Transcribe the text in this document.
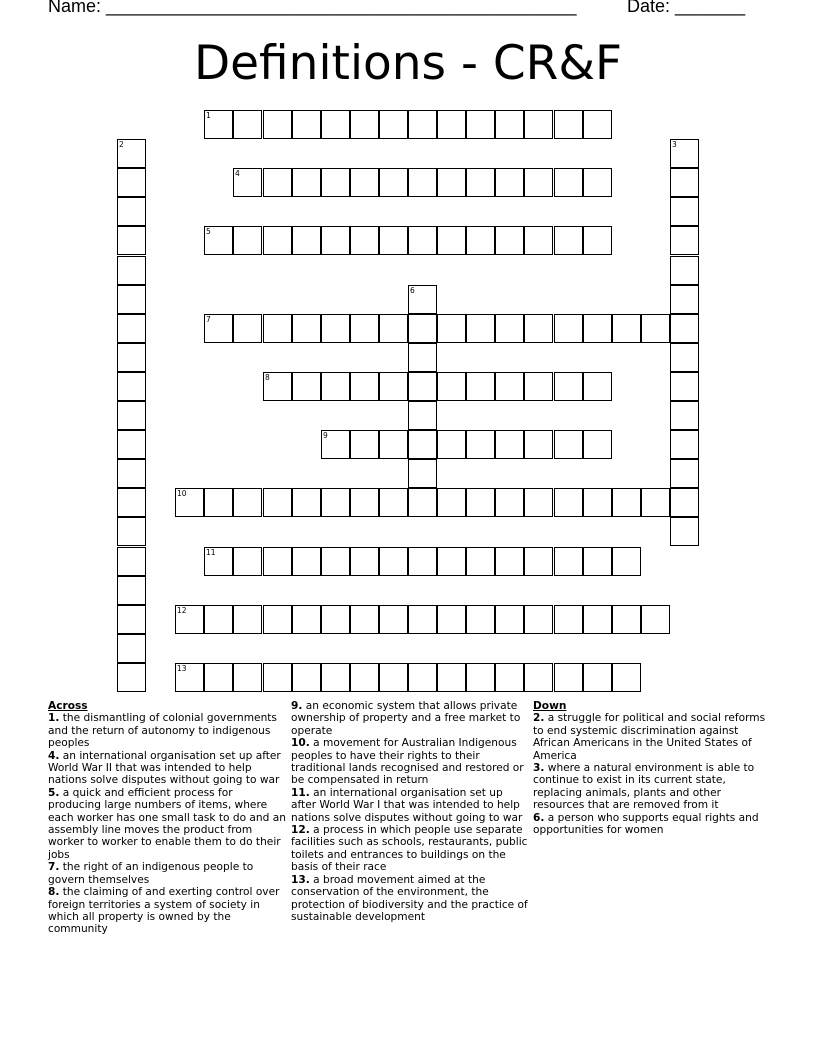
Name: _______________________________________________	Date: _______
Definitions - CR&F
1
2	3
4
5
6
7
8
9
10
11
12
13

Across

1. the dismantling of colonial governments and the return of autonomy to indigenous peoples

4. an international organisation set up after World War II that was intended to help nations solve disputes without going to war

5. a quick and efficient process for producing large numbers of items, where each worker has one small task to do and an assembly line moves the product from worker to worker to enable them to do their jobs

7. the right of an indigenous people to govern themselves

8. the claiming of and exerting control over foreign territories a system of society in which all property is owned by the community

9. an economic system that allows private ownership of property and a free market to operate

10. a movement for Australian Indigenous peoples to have their rights to their traditional lands recognised and restored or be compensated in return

11. an international organisation set up after World War I that was intended to help nations solve disputes without going to war

12. a process in which people use separate facilities such as schools, restaurants, public toilets and entrances to buildings on the basis of their race

13. a broad movement aimed at the conservation of the environment, the protection of biodiversity and the practice of sustainable development

Down

2. a struggle for political and social reforms to end systemic discrimination against African Americans in the United States of America

3. where a natural environment is able to continue to exist in its current state, replacing animals, plants and other resources that are removed from it

6. a person who supports equal rights and opportunities for women
